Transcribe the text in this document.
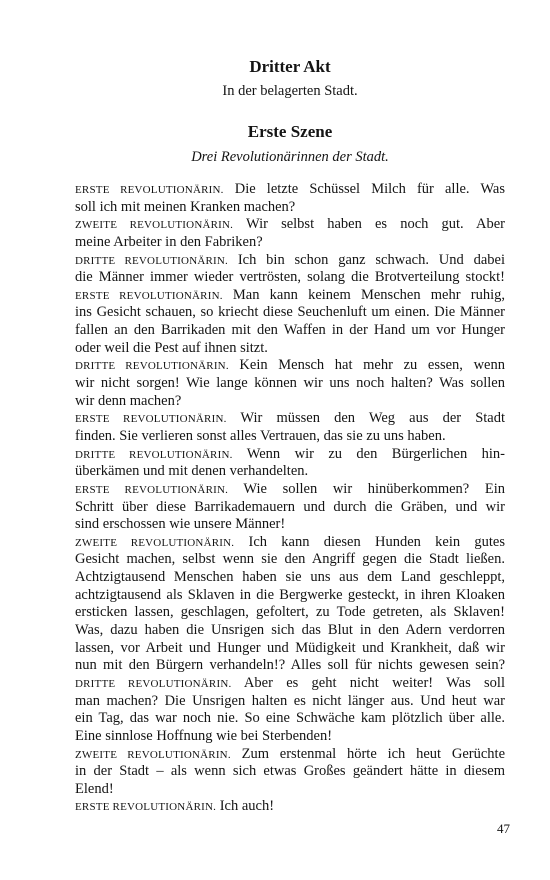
Dritter Akt
In der belagerten Stadt.
Erste Szene
Drei Revolutionärinnen der Stadt.
ERSTE REVOLUTIONÄRIN. Die letzte Schüssel Milch für alle. Was
soll ich mit meinen Kranken machen?
ZWEITE REVOLUTIONÄRIN. Wir selbst haben es noch gut. Aber
meine Arbeiter in den Fabriken?
DRITTE REVOLUTIONÄRIN. Ich bin schon ganz schwach. Und dabei
die Männer immer wieder vertrösten, solang die Brotverteilung stockt!
ERSTE REVOLUTIONÄRIN. Man kann keinem Menschen mehr ruhig,
ins Gesicht schauen, so kriecht diese Seuchenluft um einen. Die Männer
fallen an den Barrikaden mit den Waffen in der Hand um vor Hunger
oder weil die Pest auf ihnen sitzt.
DRITTE REVOLUTIONÄRIN. Kein Mensch hat mehr zu essen, wenn
wir nicht sorgen! Wie lange können wir uns noch halten? Was sollen
wir denn machen?
ERSTE REVOLUTIONÄRIN. Wir müssen den Weg aus der Stadt
finden. Sie verlieren sonst alles Vertrauen, das sie zu uns haben.
DRITTE REVOLUTIONÄRIN. Wenn wir zu den Bürgerlichen hin-
überkämen und mit denen verhandelten.
ERSTE REVOLUTIONÄRIN. Wie sollen wir hinüberkommen? Ein
Schritt über diese Barrikademauern und durch die Gräben, und wir
sind erschossen wie unsere Männer!
ZWEITE REVOLUTIONÄRIN. Ich kann diesen Hunden kein gutes
Gesicht machen, selbst wenn sie den Angriff gegen die Stadt ließen.
Achtzigtausend Menschen haben sie uns aus dem Land geschleppt,
achtzigtausend als Sklaven in die Bergwerke gesteckt, in ihren Kloaken
ersticken lassen, geschlagen, gefoltert, zu Tode getreten, als Sklaven!
Was, dazu haben die Unsrigen sich das Blut in den Adern verdorren
lassen, vor Arbeit und Hunger und Müdigkeit und Krankheit, daß wir
nun mit den Bürgern verhandeln!? Alles soll für nichts gewesen sein?
DRITTE REVOLUTIONÄRIN. Aber es geht nicht weiter! Was soll
man machen? Die Unsrigen halten es nicht länger aus. Und heut war
ein Tag, das war noch nie. So eine Schwäche kam plötzlich über alle.
Eine sinnlose Hoffnung wie bei Sterbenden!
ZWEITE REVOLUTIONÄRIN. Zum erstenmal hörte ich heut Gerüchte
in der Stadt – als wenn sich etwas Großes geändert hätte in diesem
Elend!
ERSTE REVOLUTIONÄRIN. Ich auch!
47
